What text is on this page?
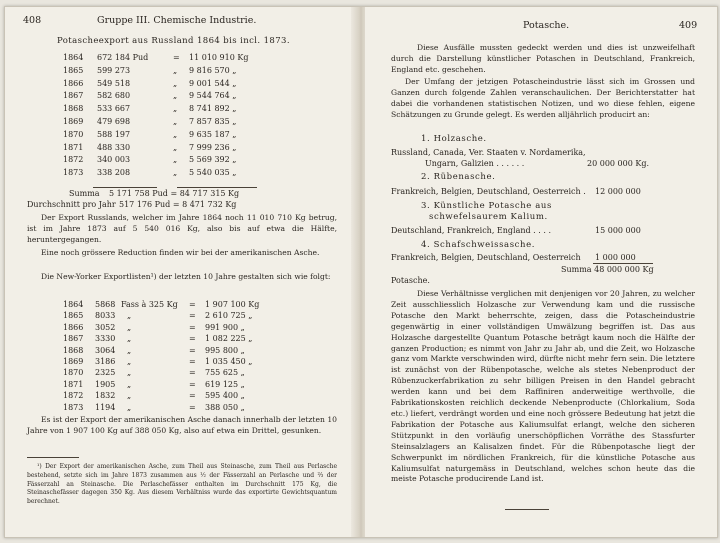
408	Gruppe III. Chemische Industrie.
Potascheexport aus Russland 1864 bis incl. 1873.
1864 672 184 Pud	= 11 010 910 Kg
1865 599 273	„ 9 816 570 „
1866 549 518	„ 9 001 544 „
1867 582 680	„ 9 544 764 „
1868 533 667	„ 8 741 892 „
1869 479 698	„ 7 857 835 „
1870 588 197	„ 9 635 187 „
1871 488 330	„ 7 999 236 „
1872 340 003	„ 5 569 392 „
1873 338 208	„ 5 540 035 „
Summa 5 171 758 Pud = 84 717 315 Kg
Durchschnitt pro Jahr 517 176 Pud = 8 471 732 Kg
Der Export Russlands, welcher im Jahre 1864 noch 11 010 710 Kg betrug, ist im Jahre 1873 auf 5 540 016 Kg, also bis auf etwa die Hälfte, heruntergegangen.
Eine noch grössere Reduction finden wir bei der amerikanischen Asche.
Die New-Yorker Exportlisten¹) der letzten 10 Jahre gestalten sich wie folgt:
1864 5868 Fass à 325 Kg = 1 907 100 Kg
1865 8033 „	= 2 610 725 „
1866 3052 „	= 991 900 „
1867 3330 „	= 1 082 225 „
1868 3064 „	= 995 800 „
1869 3186 „	= 1 035 450 „
1870 2325 „	= 755 625 „
1871 1905 „	= 619 125 „
1872 1832 „	= 595 400 „
1873 1194 „	= 388 050 „
Es ist der Export der amerikanischen Asche danach innerhalb der letzten 10 Jahre von 1 907 100 Kg auf 388 050 Kg, also auf etwa ein Drittel, gesunken.
¹) Der Export der amerikanischen Asche, zum Theil aus Steinasche, zum Theil aus Perlasche bestehend, setzte sich im Jahre 1873 zusammen aus ½ der Fässerzahl an Perlasche und ⅔ der Fässerzahl an Steinasche. Die Perlaschefässer enthalten im Durchschnitt 175 Kg, die Steinaschefässer dagegen 350 Kg. Aus diesem Verhältniss wurde das exportirte Gewichtsquantum berechnet.
Potasche.	409
Diese Ausfälle mussten gedeckt werden und dies ist unzweifelhaft durch die Darstellung künstlicher Potaschen in Deutschland, Frankreich, England etc. geschehen.
Der Umfang der jetzigen Potascheindustrie lässt sich im Grossen und Ganzen durch folgende Zahlen veranschaulichen. Der Berichterstatter hat dabei die vorhandenen statistischen Notizen, und wo diese fehlen, eigene Schätzungen zu Grunde gelegt. Es werden alljährlich producirt an:
1. Holzasche.
Russland, Canada, Ver. Staaten v. Nordamerika,
Ungarn, Galizien . . . . . .	20 000 000 Kg.
2. Rübenasche.
Frankreich, Belgien, Deutschland, Oesterreich . 12 000 000
3. Künstliche Potasche aus
schwefelsaurem Kalium.
Deutschland, Frankreich, England . . . .	15 000 000
4. Schafschweissasche.
Frankreich, Belgien, Deutschland, Oesterreich 1 000 000
Summa 48 000 000 Kg
Potasche.
Diese Verhältnisse verglichen mit denjenigen vor 20 Jahren, zu welcher Zeit ausschliesslich Holzasche zur Verwendung kam und die russische Potasche den Markt beherrschte, zeigen, dass die Potascheindustrie gegenwärtig in einer vollständigen Umwälzung begriffen ist. Das aus Holzasche dargestellte Quantum Potasche beträgt kaum noch die Hälfte der ganzen Production; es nimmt von Jahr zu Jahr ab, und die Zeit, wo Holzasche ganz vom Markte verschwinden wird, dürfte nicht mehr fern sein. Die letztere ist zunächst von der Rübenpotasche, welche als stetes Nebenproduct der Rübenzuckerfabrikation zu sehr billigen Preisen in den Handel gebracht werden kann und bei dem Raffiniren anderweitige werthvolle, die Fabrikationskosten reichlich deckende Nebenproducte (Chlorkalium, Soda etc.) liefert, verdrängt worden und eine noch grössere Bedeutung hat jetzt die Fabrikation der Potasche aus Kaliumsulfat erlangt, welche den sicheren Stützpunkt in den vorläufig unerschöpflichen Vorräthe des Stassfurter Steinsalzlagers an Kalisalzen findet. Für die Rübenpotasche liegt der Schwerpunkt im nördlichen Frankreich, für die künstliche Potasche aus Kaliumsulfat naturgemäss in Deutschland, welches schon heute das die meiste Potasche producirende Land ist.
